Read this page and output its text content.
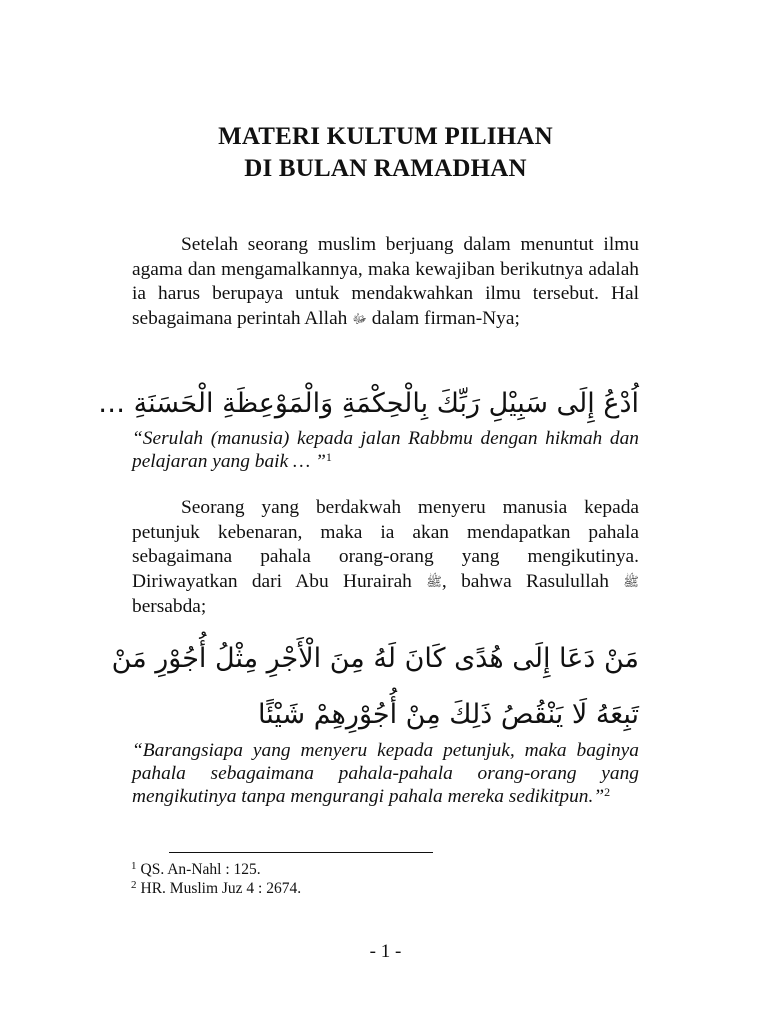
MATERI KULTUM PILIHAN
DI BULAN RAMADHAN

Setelah seorang muslim berjuang dalam menuntut ilmu agama dan mengamalkannya, maka kewajiban berikutnya adalah ia harus berupaya untuk mendakwahkan ilmu tersebut. Hal sebagaimana perintah Allah ﷻ dalam firman-Nya;

اُدْعُ إِلَى سَبِيْلِ رَبِّكَ بِالْحِكْمَةِ وَالْمَوْعِظَةِ الْحَسَنَةِ …

“Serulah (manusia) kepada jalan Rabbmu dengan hikmah dan pelajaran yang baik … ”$^1$

Seorang yang berdakwah menyeru manusia kepada petunjuk kebenaran, maka ia akan mendapatkan pahala sebagaimana pahala orang-orang yang mengikutinya. Diriwayatkan dari Abu Hurairah ﷺ, bahwa Rasulullah ﷺ bersabda;

مَنْ دَعَا إِلَى هُدًى كَانَ لَهُ مِنَ الْأَجْرِ مِثْلُ أُجُوْرِ مَنْ
تَبِعَهُ لَا يَنْقُصُ ذَلِكَ مِنْ أُجُوْرِهِمْ شَيْئًا

“Barangsiapa yang menyeru kepada petunjuk, maka baginya pahala sebagaimana pahala-pahala orang-orang yang mengikutinya tanpa mengurangi pahala mereka sedikitpun.”$^2$

$^1$ QS. An-Nahl : 125.
$^2$ HR. Muslim Juz 4 : 2674.
- 1 -
